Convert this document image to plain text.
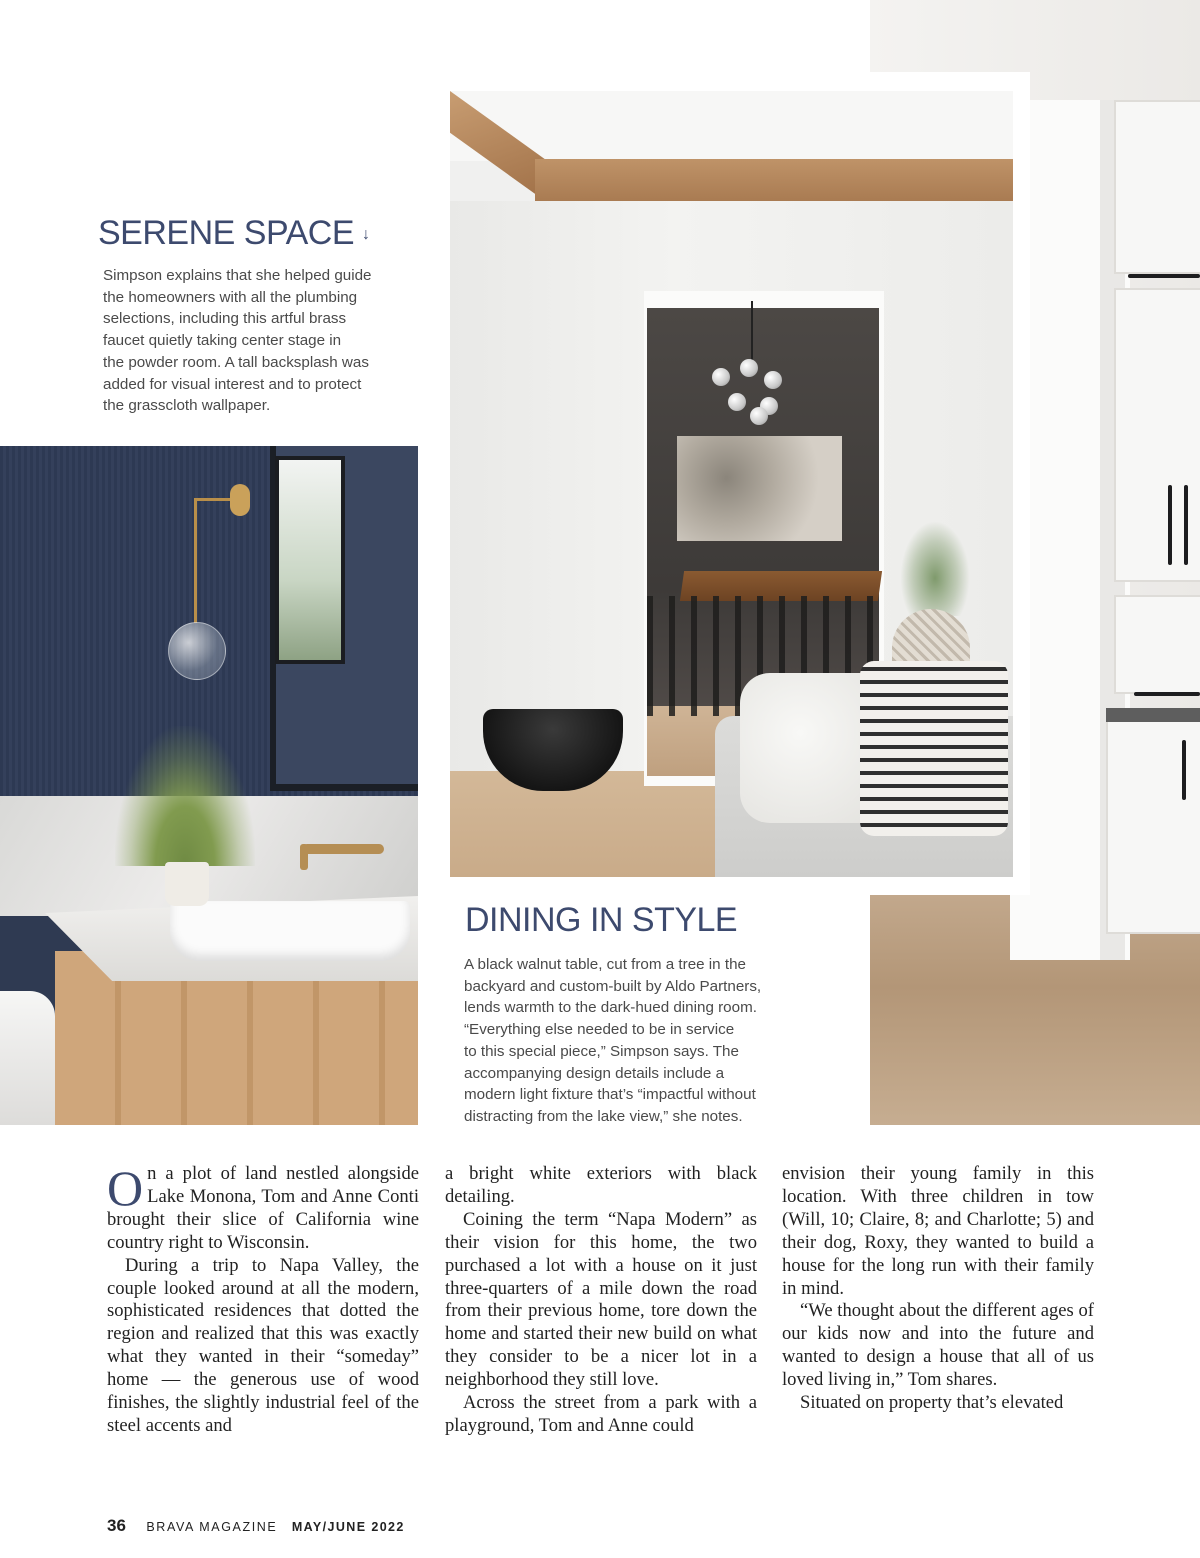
SERENE SPACE ↓

Simpson explains that she helped guide
the homeowners with all the plumbing
selections, including this artful brass
faucet quietly taking center stage in
the powder room. A tall backsplash was
added for visual interest and to protect
the grasscloth wallpaper.

DINING IN STYLE

A black walnut table, cut from a tree in the
backyard and custom-built by Aldo Partners,
lends warmth to the dark-hued dining room.
“Everything else needed to be in service
to this special piece,” Simpson says. The
accompanying design details include a
modern light fixture that’s “impactful without
distracting from the lake view,” she notes.

On a plot of land nestled alongside Lake Monona, Tom and Anne Conti brought their slice of California wine country right to Wisconsin.

During a trip to Napa Valley, the couple looked around at all the modern, sophisticated residences that dotted the region and realized that this was exactly what they wanted in their “someday” home — the generous use of wood finishes, the slightly industrial feel of the steel accents and

a bright white exteriors with black detailing.

Coining the term “Napa Modern” as their vision for this home, the two purchased a lot with a house on it just three-quarters of a mile down the road from their previous home, tore down the home and started their new build on what they consider to be a nicer lot in a neighborhood they still love.

Across the street from a park with a playground, Tom and Anne could

envision their young family in this location. With three children in tow (Will, 10; Claire, 8; and Charlotte; 5) and their dog, Roxy, they wanted to build a house for the long run with their family in mind.

“We thought about the different ages of our kids now and into the future and wanted to design a house that all of us loved living in,” Tom shares.

Situated on property that’s elevated

36 BRAVA MAGAZINE MAY/JUNE 2022
